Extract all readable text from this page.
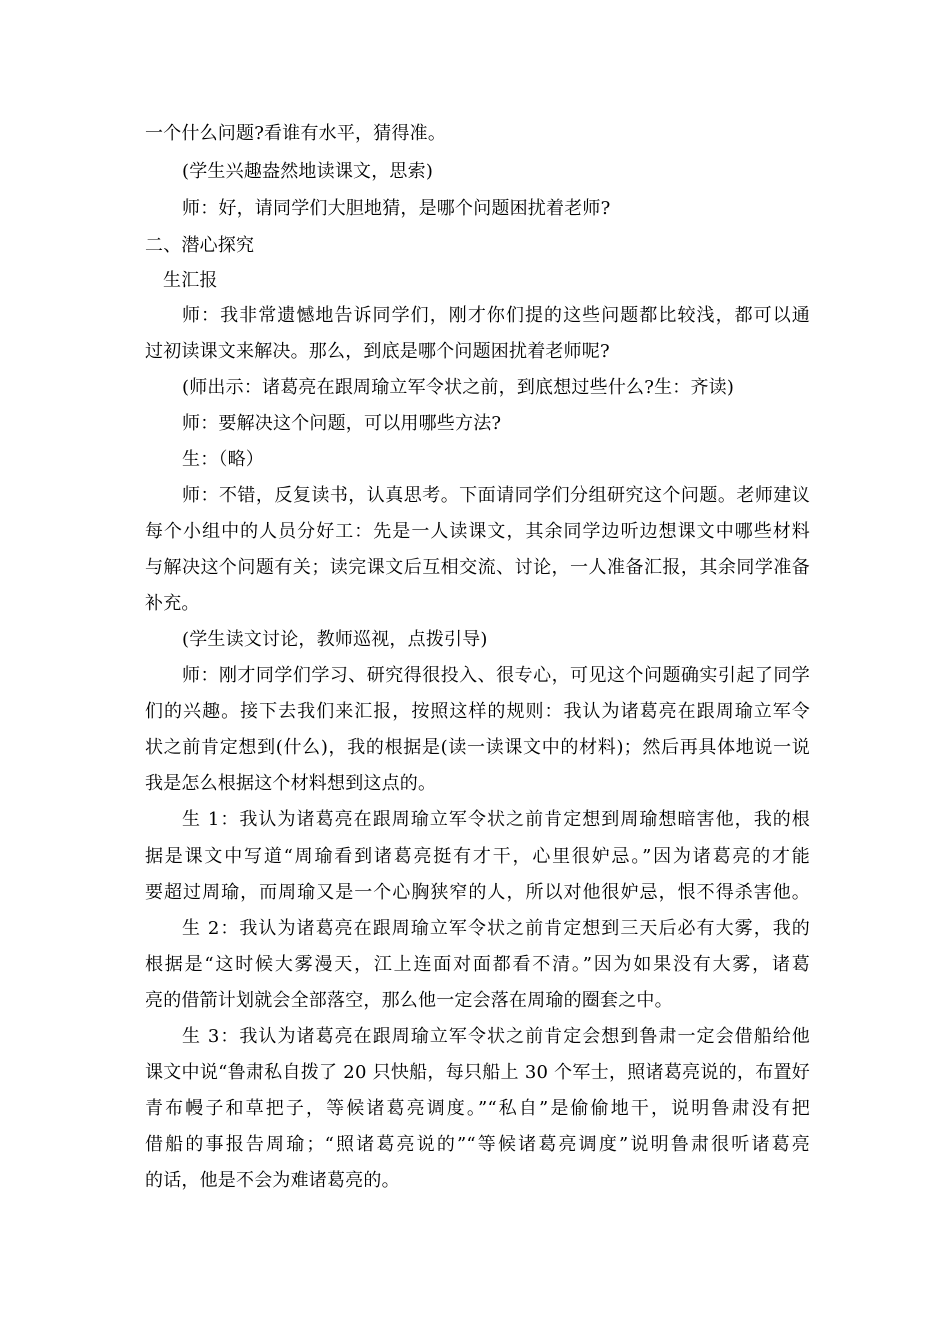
一个什么问题?看谁有水平，猜得准。
(学生兴趣盎然地读课文，思索)
师：好，请同学们大胆地猜，是哪个问题困扰着老师?
二、潜心探究
生汇报
师：我非常遗憾地告诉同学们，刚才你们提的这些问题都比较浅，都可以通
过初读课文来解决。那么，到底是哪个问题困扰着老师呢?
(师出示：诸葛亮在跟周瑜立军令状之前，到底想过些什么?生：齐读)
师：要解决这个问题，可以用哪些方法?
生：（略）
师：不错，反复读书，认真思考。下面请同学们分组研究这个问题。老师建议
每个小组中的人员分好工：先是一人读课文，其余同学边听边想课文中哪些材料
与解决这个问题有关；读完课文后互相交流、讨论，一人准备汇报，其余同学准备
补充。
(学生读文讨论，教师巡视，点拨引导)
师：刚才同学们学习、研究得很投入、很专心，可见这个问题确实引起了同学
们的兴趣。接下去我们来汇报，按照这样的规则：我认为诸葛亮在跟周瑜立军令
状之前肯定想到(什么)，我的根据是(读一读课文中的材料)；然后再具体地说一说
我是怎么根据这个材料想到这点的。
生 1：我认为诸葛亮在跟周瑜立军令状之前肯定想到周瑜想暗害他，我的根
据是课文中写道“周瑜看到诸葛亮挺有才干，心里很妒忌。”因为诸葛亮的才能
要超过周瑜，而周瑜又是一个心胸狭窄的人，所以对他很妒忌，恨不得杀害他。
生 2：我认为诸葛亮在跟周瑜立军令状之前肯定想到三天后必有大雾，我的
根据是“这时候大雾漫天，江上连面对面都看不清。”因为如果没有大雾，诸葛
亮的借箭计划就会全部落空，那么他一定会落在周瑜的圈套之中。
生 3：我认为诸葛亮在跟周瑜立军令状之前肯定会想到鲁肃一定会借船给他
课文中说“鲁肃私自拨了 20 只快船，每只船上 30 个军士，照诸葛亮说的，布置好
青布幔子和草把子，等候诸葛亮调度。”“私自”是偷偷地干，说明鲁肃没有把
借船的事报告周瑜；“照诸葛亮说的”“等候诸葛亮调度”说明鲁肃很听诸葛亮
的话，他是不会为难诸葛亮的。
